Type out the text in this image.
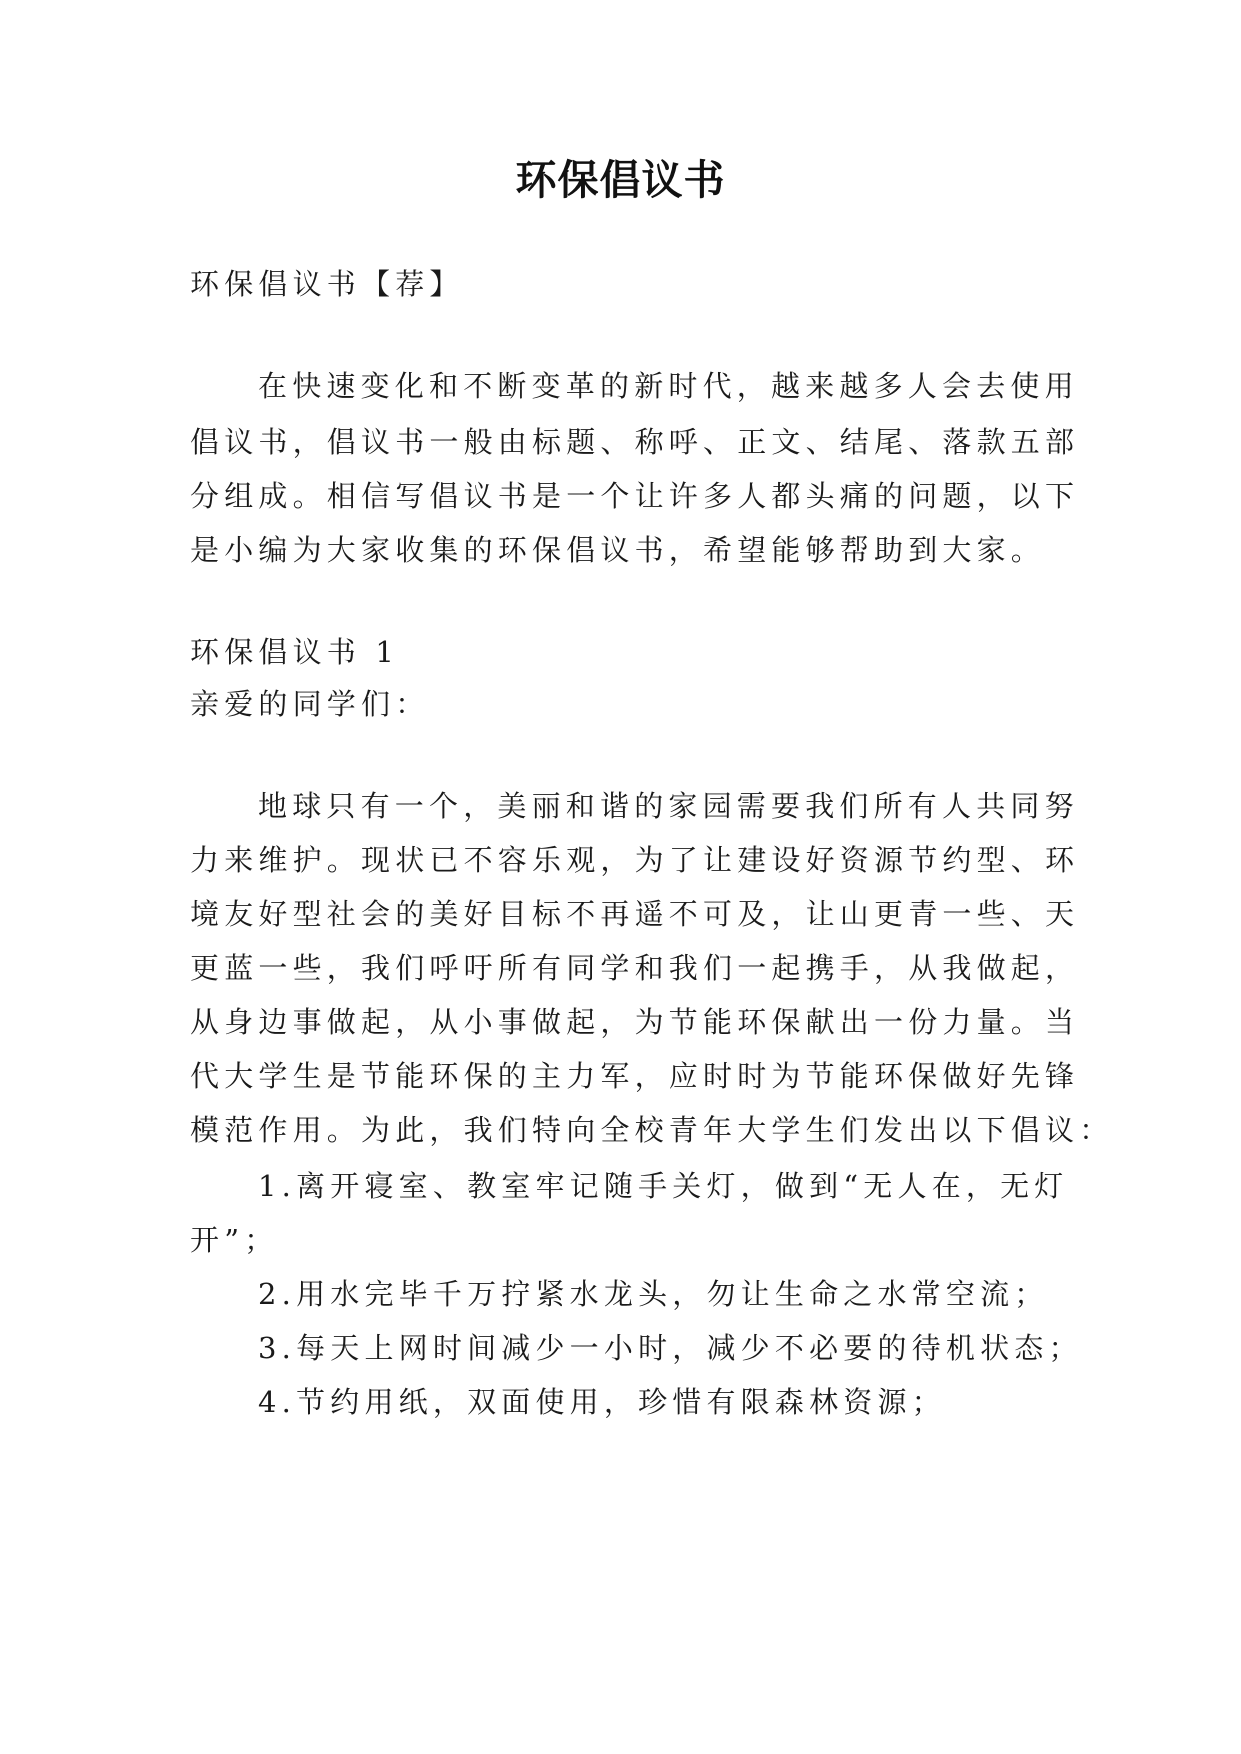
环保倡议书
环保倡议书【荐】
在快速变化和不断变革的新时代，越来越多人会去使用
倡议书，倡议书一般由标题、称呼、正文、结尾、落款五部
分组成。相信写倡议书是一个让许多人都头痛的问题，以下
是小编为大家收集的环保倡议书，希望能够帮助到大家。
环保倡议书 1
亲爱的同学们：
地球只有一个，美丽和谐的家园需要我们所有人共同努
力来维护。现状已不容乐观，为了让建设好资源节约型、环
境友好型社会的美好目标不再遥不可及，让山更青一些、天
更蓝一些，我们呼吁所有同学和我们一起携手，从我做起，
从身边事做起，从小事做起，为节能环保献出一份力量。当
代大学生是节能环保的主力军，应时时为节能环保做好先锋
模范作用。为此，我们特向全校青年大学生们发出以下倡议：
1.离开寝室、教室牢记随手关灯，做到“无人在，无灯
开”；
2.用水完毕千万拧紧水龙头，勿让生命之水常空流；
3.每天上网时间减少一小时，减少不必要的待机状态；
4.节约用纸，双面使用，珍惜有限森林资源；
